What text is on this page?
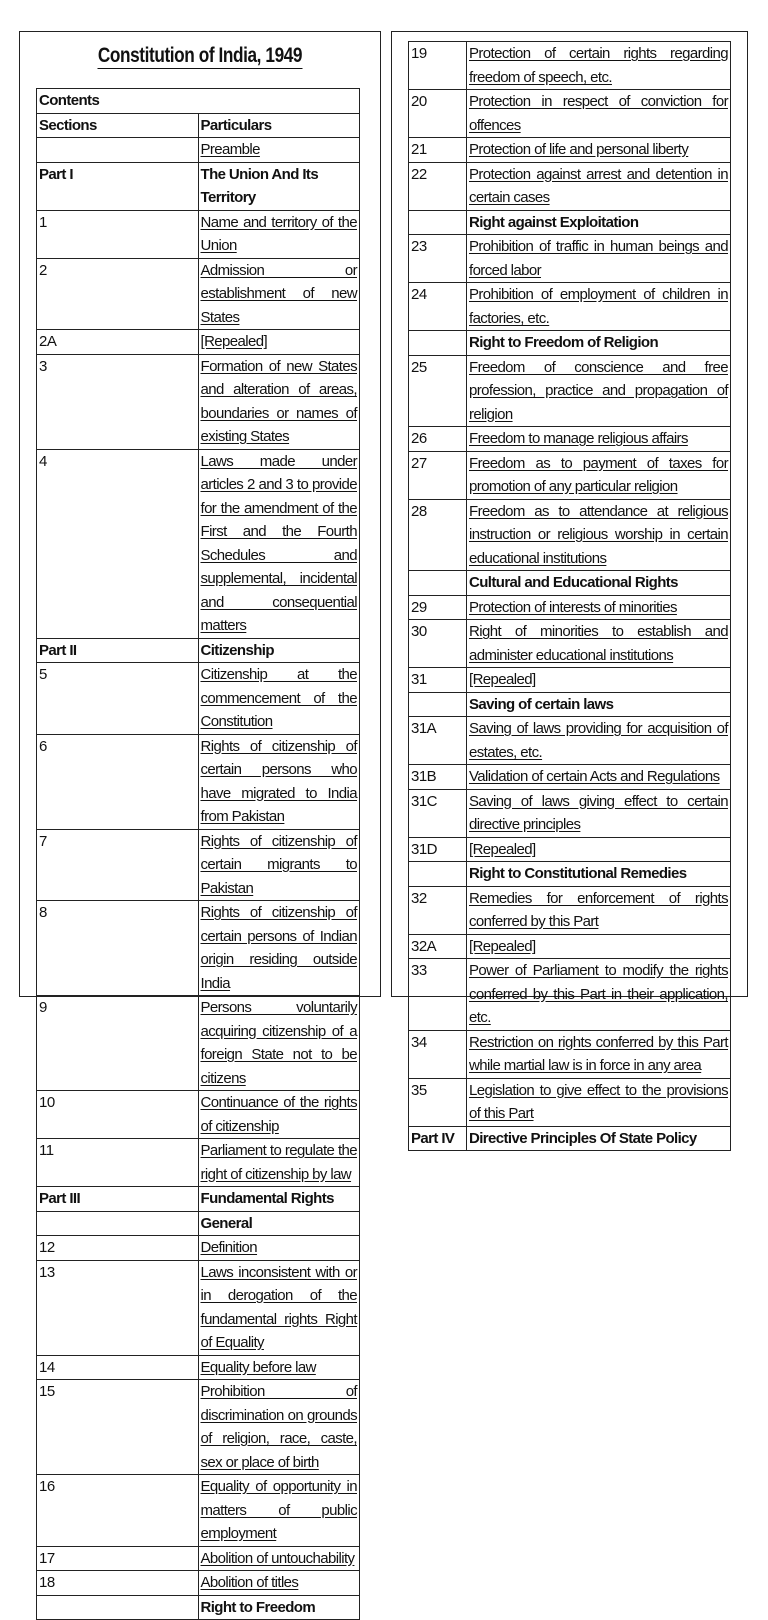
Constitution of India, 1949
Contents	
Sections	Particulars

	Preamble

Part I	The Union And Its Territory
1	Name and territory of the Union

2	Admission or establishment of new States

2A	[Repealed]

3	Formation of new States and alteration of areas, boundaries or names of existing States

4	Laws made under articles 2 and 3 to provide for the amendment of the First and the Fourth Schedules and supplemental, incidental and consequential matters

Part II	Citizenship
5	Citizenship at the commencement of the Constitution

6	Rights of citizenship of certain persons who have migrated to India from Pakistan

7	Rights of citizenship of certain migrants to Pakistan

8	Rights of citizenship of certain persons of Indian origin residing outside India

9	Persons voluntarily acquiring citizenship of a foreign State not to be citizens

10	Continuance of the rights of citizenship

11	Parliament to regulate the right of citizenship by law

Part III	Fundamental Rights
	General
12	Definition

13	Laws inconsistent with or in derogation of the fundamental rights Right of Equality

14	Equality before law

15	Prohibition of discrimination on grounds of religion, race, caste, sex or place of birth

16	Equality of opportunity in matters of public employment

17	Abolition of untouchability

18	Abolition of titles

	Right to Freedom
19	Protection of certain rights regarding freedom of speech, etc.

20	Protection in respect of conviction for offences

21	Protection of life and personal liberty

22	Protection against arrest and detention in certain cases

	Right against Exploitation
23	Prohibition of traffic in human beings and forced labor

24	Prohibition of employment of children in factories, etc.

	Right to Freedom of Religion
25	Freedom of conscience and free profession, practice and propagation of religion

26	Freedom to manage religious affairs

27	Freedom as to payment of taxes for promotion of any particular religion

28	Freedom as to attendance at religious instruction or religious worship in certain educational institutions

	Cultural and Educational Rights
29	Protection of interests of minorities

30	Right of minorities to establish and administer educational institutions

31	[Repealed]

	Saving of certain laws
31A	Saving of laws providing for acquisition of estates, etc.

31B	Validation of certain Acts and Regulations

31C	Saving of laws giving effect to certain directive principles

31D	[Repealed]

	Right to Constitutional Remedies
32	Remedies for enforcement of rights conferred by this Part

32A	[Repealed]

33	Power of Parliament to modify the rights conferred by this Part in their application, etc.

34	Restriction on rights conferred by this Part while martial law is in force in any area

35	Legislation to give effect to the provisions of this Part

Part IV	Directive Principles Of State Policy
